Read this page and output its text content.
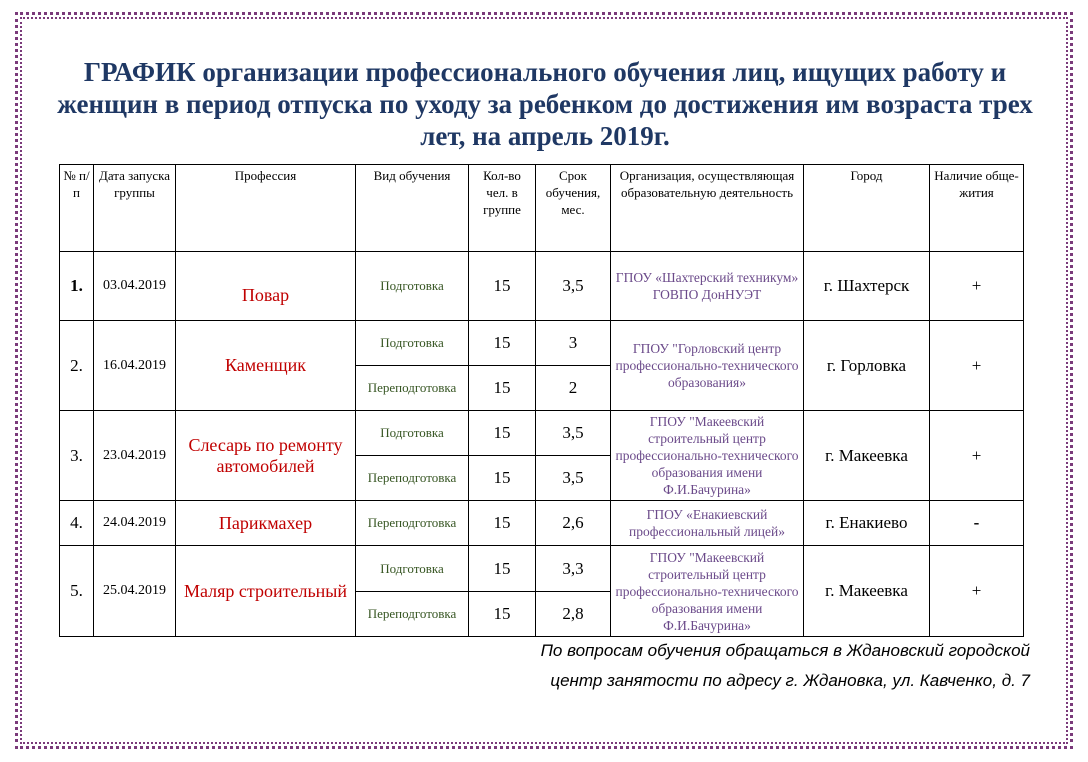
ГРАФИК организации профессионального обучения лиц, ищущих работу и женщин в период отпуска по уходу за ребенком до достижения им возраста трех лет, на апрель 2019г.
№ п/п	Дата запуска группы	Профессия	Вид обучения	Кол-во чел. в группе	Срок обучения, мес.	Организация, осуществляющая образовательную деятельность	Город	Наличие обще-жития
1.	03.04.2019	Повар	Подготовка	15	3,5	ГПОУ «Шахтерский техникум» ГОВПО ДонНУЭТ	г. Шахтерск	+
2.	16.04.2019	Каменщик	Подготовка	15	3	ГПОУ "Горловский центр профессионально-технического образования»	г. Горловка	+
			Переподготовка	15	2			
3.	23.04.2019	Слесарь по ремонту автомобилей	Подготовка	15	3,5	ГПОУ "Макеевский строительный центр профессионально-технического образования имени Ф.И.Бачурина»	г. Макеевка	+
			Переподготовка	15	3,5			
4.	24.04.2019	Парикмахер	Переподготовка	15	2,6	ГПОУ «Енакиевский профессиональный лицей»	г. Енакиево	-
5.	25.04.2019	Маляр строительный	Подготовка	15	3,3	ГПОУ "Макеевский строительный центр профессионально-технического образования имени Ф.И.Бачурина»	г. Макеевка	+
			Переподготовка	15	2,8			
По вопросам обучения обращаться в Ждановский городской
центр занятости по адресу г. Ждановка, ул. Кавченко, д. 7
